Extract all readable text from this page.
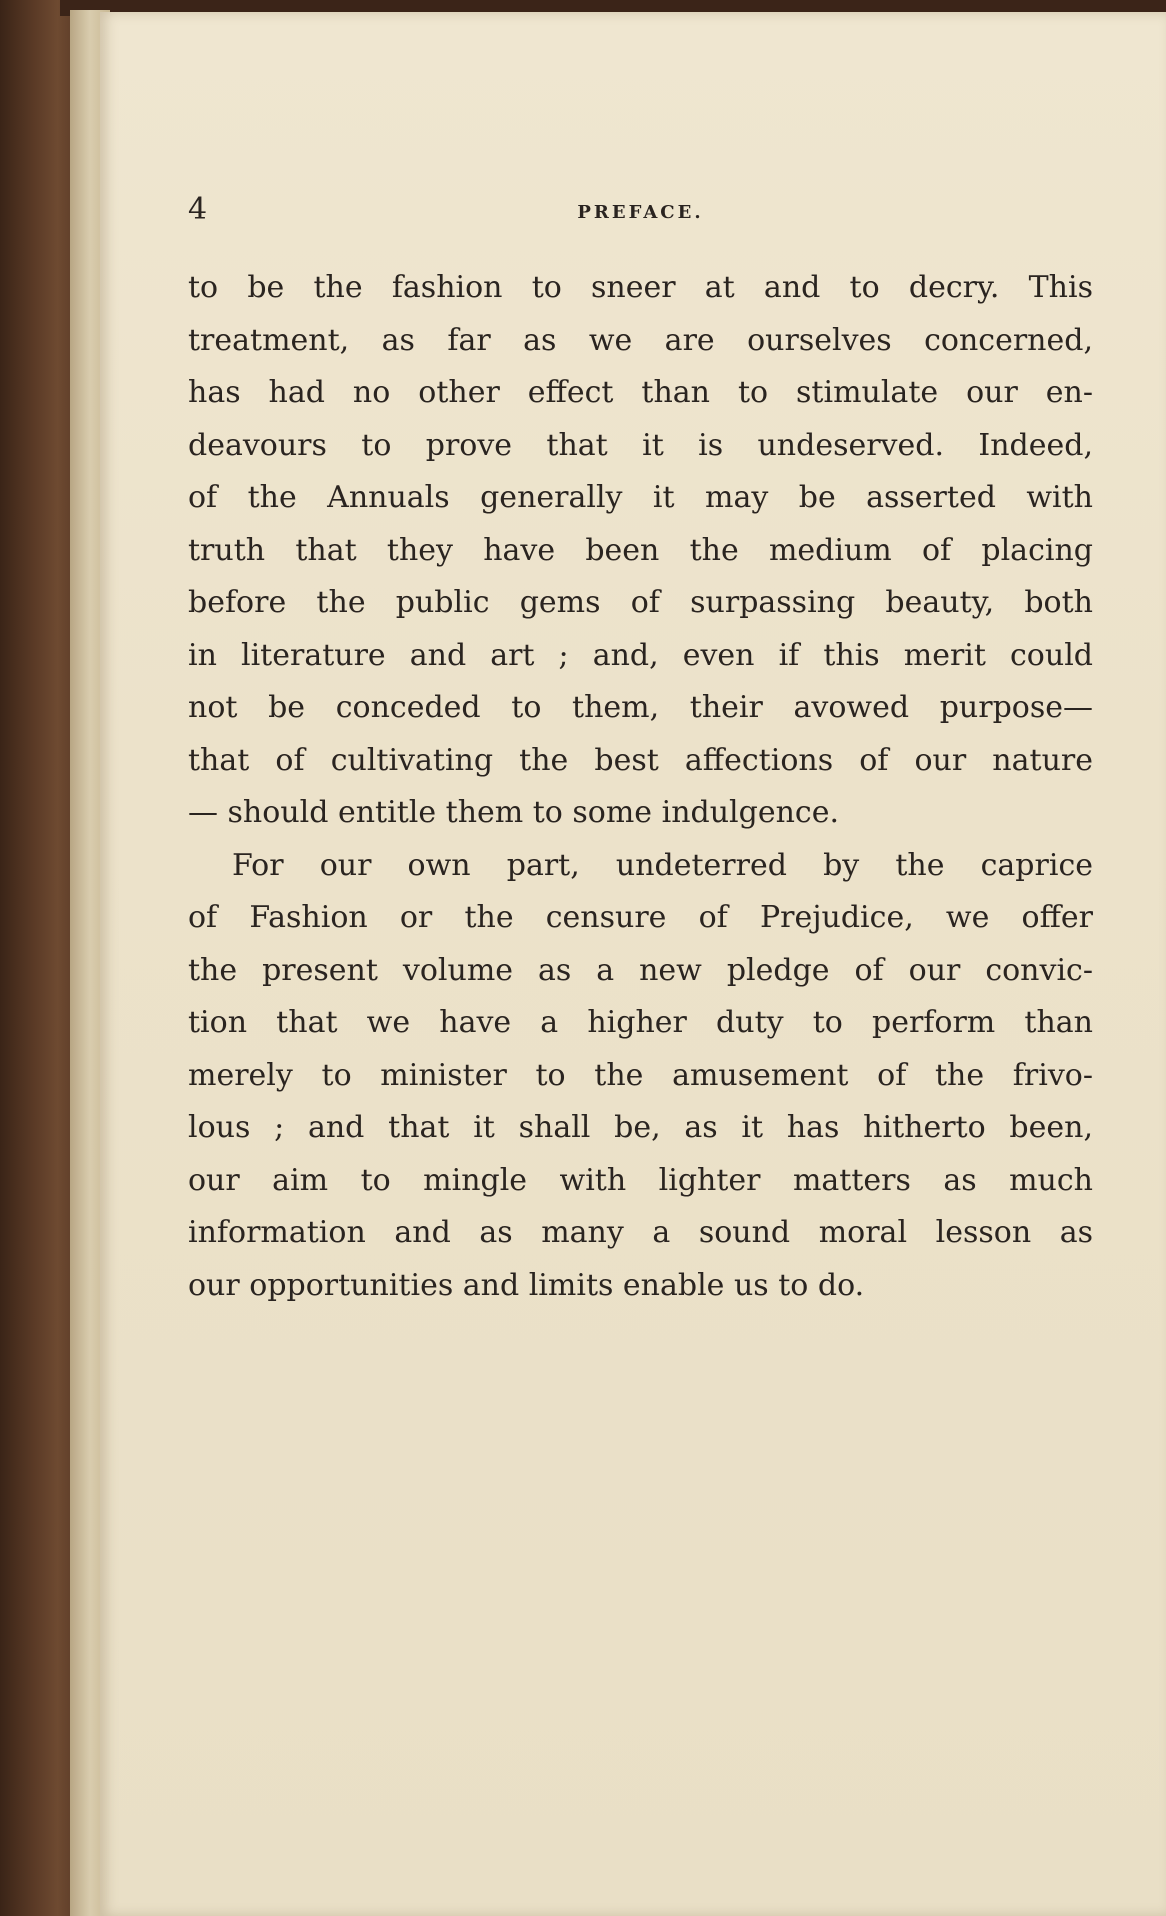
4	PREFACE.

to be the fashion to sneer at and to decry. This
treatment, as far as we are ourselves concerned,
has had no other effect than to stimulate our en-
deavours to prove that it is undeserved. Indeed,
of the Annuals generally it may be asserted with
truth that they have been the medium of placing
before the public gems of surpassing beauty, both
in literature and art ; and, even if this merit could
not be conceded to them, their avowed purpose—
that of cultivating the best affections of our nature
— should entitle them to some indulgence.

For our own part, undeterred by the caprice
of Fashion or the censure of Prejudice, we offer
the present volume as a new pledge of our convic-
tion that we have a higher duty to perform than
merely to minister to the amusement of the frivo-
lous ; and that it shall be, as it has hitherto been,
our aim to mingle with lighter matters as much
information and as many a sound moral lesson as
our opportunities and limits enable us to do.
